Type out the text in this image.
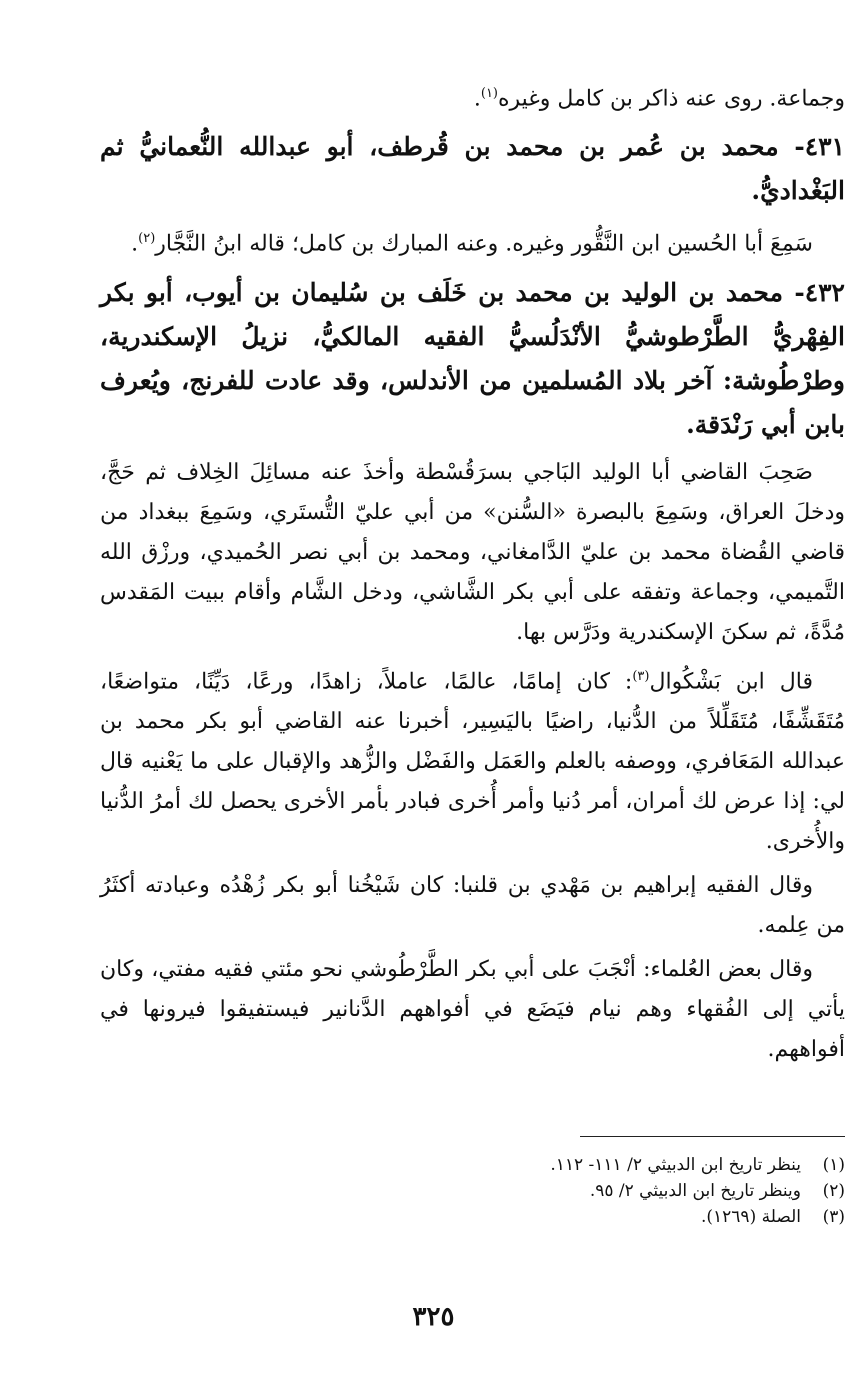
وجماعة. روى عنه ذاكر بن كامل وغيره$^{(١)}$.

٤٣١- محمد بن عُمر بن محمد بن قُرطف، أبو عبدالله النُّعمانيُّ ثم البَغْداديُّ.

سَمِعَ أبا الحُسين ابن النَّقُّور وغيره. وعنه المبارك بن كامل؛ قاله ابنُ النَّجَّار$^{(٢)}$.

٤٣٢- محمد بن الوليد بن محمد بن خَلَف بن سُليمان بن أيوب، أبو بكر الفِهْريُّ الطَّرْطوشيُّ الأنْدَلُسيُّ الفقيه المالكيُّ، نزيلُ الإسكندرية، وطرْطُوشة: آخر بلاد المُسلمين من الأندلس، وقد عادت للفرنج، ويُعرف بابن أبي رَنْدَقة.

صَحِبَ القاضي أبا الوليد البَاجي بسرَقُسْطة وأخذَ عنه مسائِلَ الخِلاف ثم حَجَّ، ودخلَ العراق، وسَمِعَ بالبصرة «السُّنن» من أبي عليّ التُّستَري، وسَمِعَ ببغداد من قاضي القُضاة محمد بن عليّ الدَّامغاني، ومحمد بن أبي نصر الحُميدي، ورزْق الله التَّميمي، وجماعة وتفقه على أبي بكر الشَّاشي، ودخل الشَّام وأقام ببيت المَقدس مُدَّةً، ثم سكنَ الإسكندرية ودَرَّس بها.

قال ابن بَشْكُوال$^{(٣)}$: كان إمامًا، عالمًا، عاملاً، زاهدًا، ورعًا، دَيِّنًا، متواضعًا، مُتَقَشِّفًا، مُتَقَلِّلاً من الدُّنيا، راضيًا باليَسِير، أخبرنا عنه القاضي أبو بكر محمد بن عبدالله المَعَافري، ووصفه بالعلم والعَمَل والفَضْل والزُّهد والإقبال على ما يَعْنيه قال لي: إذا عرض لك أمران، أمر دُنيا وأمر أُخرى فبادر بأمر الأخرى يحصل لك أمرُ الدُّنيا والأُخرى.

وقال الفقيه إبراهيم بن مَهْدي بن قلنبا: كان شَيْخُنا أبو بكر زُهْدُه وعبادته أكثَرُ من عِلمه.

وقال بعض العُلماء: أنْجَبَ على أبي بكر الطَّرْطُوشي نحو مئتي فقيه مفتي، وكان يأتي إلى الفُقهاء وهم نيام فيَضَع في أفواههم الدَّنانير فيستفيقوا فيرونها في أفواههم.

(١)ينظر تاريخ ابن الدبيثي ٢/ ١١١- ١١٢.
(٢)وينظر تاريخ ابن الدبيثي ٢/ ٩٥.
(٣)الصلة (١٢٦٩).
٣٢٥
